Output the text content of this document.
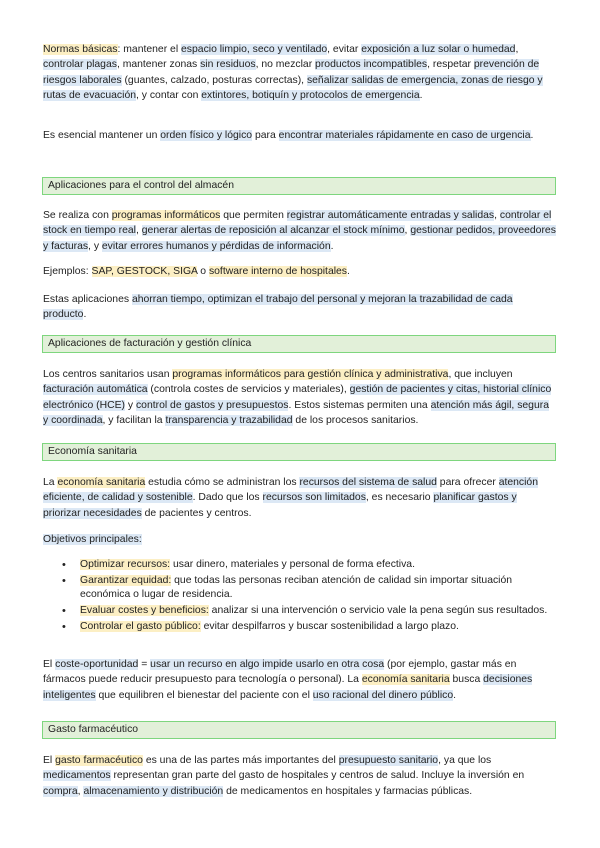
Normas básicas: mantener el espacio limpio, seco y ventilado, evitar exposición a luz solar o humedad, controlar plagas, mantener zonas sin residuos, no mezclar productos incompatibles, respetar prevención de riesgos laborales (guantes, calzado, posturas correctas), señalizar salidas de emergencia, zonas de riesgo y rutas de evacuación, y contar con extintores, botiquín y protocolos de emergencia.

Es esencial mantener un orden físico y lógico para encontrar materiales rápidamente en caso de urgencia.

Aplicaciones para el control del almacén

Se realiza con programas informáticos que permiten registrar automáticamente entradas y salidas, controlar el stock en tiempo real, generar alertas de reposición al alcanzar el stock mínimo, gestionar pedidos, proveedores y facturas, y evitar errores humanos y pérdidas de información.

Ejemplos: SAP, GESTOCK, SIGA o software interno de hospitales.

Estas aplicaciones ahorran tiempo, optimizan el trabajo del personal y mejoran la trazabilidad de cada producto.

Aplicaciones de facturación y gestión clínica

Los centros sanitarios usan programas informáticos para gestión clínica y administrativa, que incluyen facturación automática (controla costes de servicios y materiales), gestión de pacientes y citas, historial clínico electrónico (HCE) y control de gastos y presupuestos. Estos sistemas permiten una atención más ágil, segura y coordinada, y facilitan la transparencia y trazabilidad de los procesos sanitarios.

Economía sanitaria

La economía sanitaria estudia cómo se administran los recursos del sistema de salud para ofrecer atención eficiente, de calidad y sostenible. Dado que los recursos son limitados, es necesario planificar gastos y priorizar necesidades de pacientes y centros.

Objetivos principales:

• Optimizar recursos: usar dinero, materiales y personal de forma efectiva.
• Garantizar equidad: que todas las personas reciban atención de calidad sin importar situación económica o lugar de residencia.
• Evaluar costes y beneficios: analizar si una intervención o servicio vale la pena según sus resultados.
• Controlar el gasto público: evitar despilfarros y buscar sostenibilidad a largo plazo.

El coste-oportunidad = usar un recurso en algo impide usarlo en otra cosa (por ejemplo, gastar más en fármacos puede reducir presupuesto para tecnología o personal). La economía sanitaria busca decisiones inteligentes que equilibren el bienestar del paciente con el uso racional del dinero público.

Gasto farmacéutico

El gasto farmacéutico es una de las partes más importantes del presupuesto sanitario, ya que los medicamentos representan gran parte del gasto de hospitales y centros de salud. Incluye la inversión en compra, almacenamiento y distribución de medicamentos en hospitales y farmacias públicas.
